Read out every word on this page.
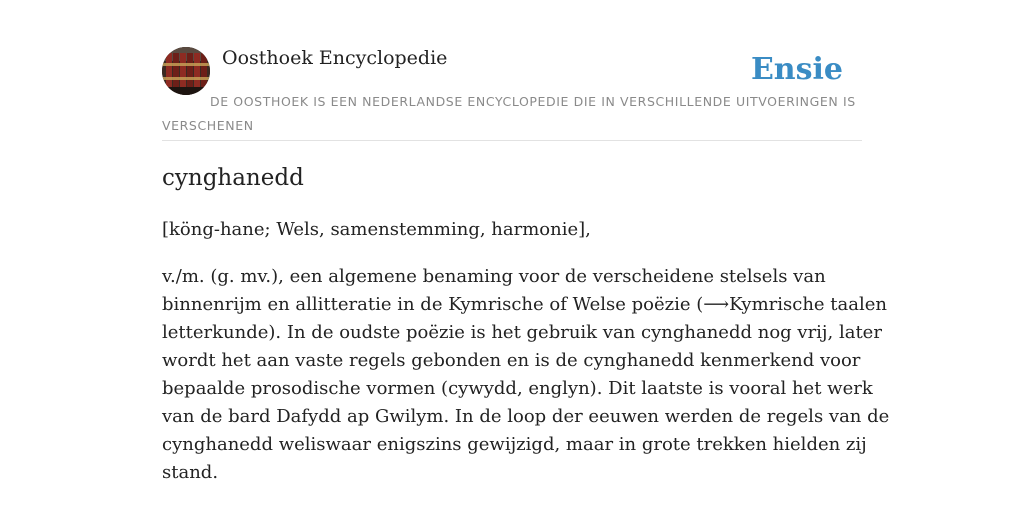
Oosthoek Encyclopedie	Ensie
DE OOSTHOEK IS EEN NEDERLANDSE ENCYCLOPEDIE DIE IN VERSCHILLENDE UITVOERINGEN IS VERSCHENEN
cynghanedd

[köng-hane; Wels, samenstemming, harmonie],

v./m. (g. mv.), een algemene benaming voor de verscheidene stelsels van
binnenrijm en allitteratie in de Kymrische of Welse poëzie (⟶Kymrische taalen
letterkunde). In de oudste poëzie is het gebruik van cynghanedd nog vrij, later
wordt het aan vaste regels gebonden en is de cynghanedd kenmerkend voor
bepaalde prosodische vormen (cywydd, englyn). Dit laatste is vooral het werk
van de bard Dafydd ap Gwilym. In de loop der eeuwen werden de regels van de
cynghanedd weliswaar enigszins gewijzigd, maar in grote trekken hielden zij
stand.
